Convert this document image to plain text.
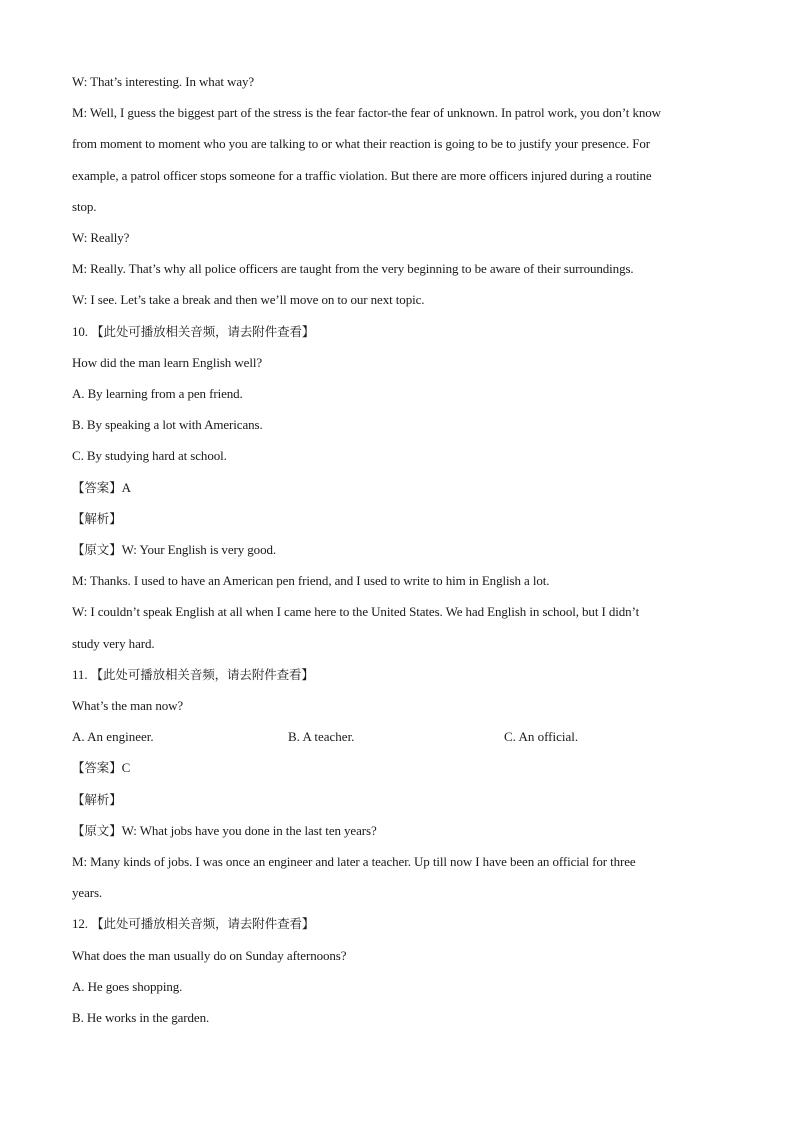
W: That’s interesting. In what way?
M: Well, I guess the biggest part of the stress is the fear factor-the fear of unknown. In patrol work, you don’t know
from moment to moment who you are talking to or what their reaction is going to be to justify your presence. For
example, a patrol officer stops someone for a traffic violation. But there are more officers injured during a routine
stop.
W: Really?
M: Really. That’s why all police officers are taught from the very beginning to be aware of their surroundings.
W: I see. Let’s take a break and then we’ll move on to our next topic.
10. 【此处可播放相关音频，请去附件查看】
How did the man learn English well?
A. By learning from a pen friend.
B. By speaking a lot with Americans.
C. By studying hard at school.
【答案】A
【解析】
【原文】W: Your English is very good.
M: Thanks. I used to have an American pen friend, and I used to write to him in English a lot.
W: I couldn’t speak English at all when I came here to the United States. We had English in school, but I didn’t
study very hard.
11. 【此处可播放相关音频，请去附件查看】
What’s the man now?
A. An engineer.	B. A teacher.	C. An official.
【答案】C
【解析】
【原文】W: What jobs have you done in the last ten years?
M: Many kinds of jobs. I was once an engineer and later a teacher. Up till now I have been an official for three
years.
12. 【此处可播放相关音频，请去附件查看】
What does the man usually do on Sunday afternoons?
A. He goes shopping.
B. He works in the garden.
